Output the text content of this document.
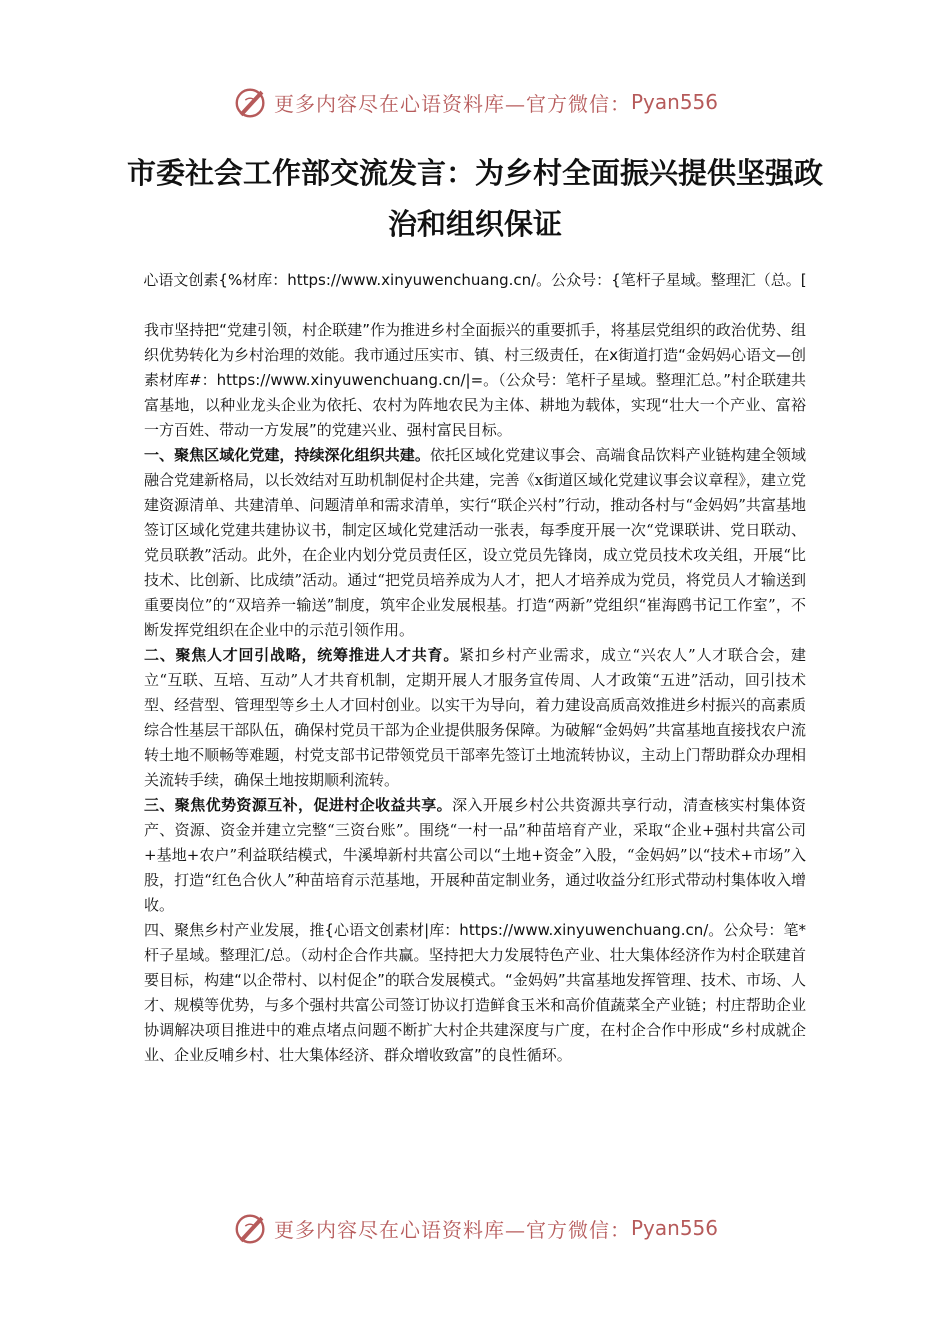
更多内容尽在心语资料库—官方微信： Pyan556
市委社会工作部交流发言：为乡村全面振兴提供坚强政治和组织保证
心语文创素{%材库：https://www.xinyuwenchuang.cn/。公众号：{笔杆子星域。整理汇（总。[

我市坚持把“党建引领，村企联建”作为推进乡村全面振兴的重要抓手，将基层党组织的政治优势、组织优势转化为乡村治理的效能。我市通过压实市、镇、村三级责任，在x街道打造“金妈妈心语文—创素材库#：https://www.xinyuwenchuang.cn/|=。（公众号：笔杆子星域。整理汇总。”村企联建共富基地，以种业龙头企业为依托、农村为阵地农民为主体、耕地为载体，实现“壮大一个产业、富裕一方百姓、带动一方发展”的党建兴业、强村富民目标。

一、聚焦区域化党建，持续深化组织共建。依托区域化党建议事会、高端食品饮料产业链构建全领域融合党建新格局，以长效结对互助机制促村企共建，完善《x街道区域化党建议事会议章程》，建立党建资源清单、共建清单、问题清单和需求清单，实行“联企兴村”行动，推动各村与“金妈妈”共富基地签订区域化党建共建协议书，制定区域化党建活动一张表，每季度开展一次“党课联讲、党日联动、党员联教”活动。此外，在企业内划分党员责任区，设立党员先锋岗，成立党员技术攻关组，开展“比技术、比创新、比成绩”活动。通过“把党员培养成为人才，把人才培养成为党员，将党员人才输送到重要岗位”的“双培养一输送”制度，筑牢企业发展根基。打造“两新”党组织“崔海鸥书记工作室”，不断发挥党组织在企业中的示范引领作用。

二、聚焦人才回引战略，统筹推进人才共育。紧扣乡村产业需求，成立“兴农人”人才联合会，建立“互联、互培、互动”人才共育机制，定期开展人才服务宣传周、人才政策“五进”活动，回引技术型、经营型、管理型等乡土人才回村创业。以实干为导向，着力建设高质高效推进乡村振兴的高素质综合性基层干部队伍，确保村党员干部为企业提供服务保障。为破解“金妈妈”共富基地直接找农户流转土地不顺畅等难题，村党支部书记带领党员干部率先签订土地流转协议，主动上门帮助群众办理相关流转手续，确保土地按期顺利流转。

三、聚焦优势资源互补，促进村企收益共享。深入开展乡村公共资源共享行动，清查核实村集体资产、资源、资金并建立完整“三资台账”。围绕“一村一品”种苗培育产业，采取“企业+强村共富公司+基地+农户”利益联结模式，牛溪埠新村共富公司以“土地+资金”入股，“金妈妈”以“技术+市场”入股，打造“红色合伙人”种苗培育示范基地，开展种苗定制业务，通过收益分红形式带动村集体收入增收。

四、聚焦乡村产业发展，推{心语文创素材|库：https://www.xinyuwenchuang.cn/。公众号：笔*杆子星域。整理汇/总。（动村企合作共赢。坚持把大力发展特色产业、壮大集体经济作为村企联建首要目标，构建“以企带村、以村促企”的联合发展模式。“金妈妈”共富基地发挥管理、技术、市场、人才、规模等优势，与多个强村共富公司签订协议打造鲜食玉米和高价值蔬菜全产业链；村庄帮助企业协调解决项目推进中的难点堵点问题不断扩大村企共建深度与广度，在村企合作中形成“乡村成就企业、企业反哺乡村、壮大集体经济、群众增收致富”的良性循环。

更多内容尽在心语资料库—官方微信： Pyan556
